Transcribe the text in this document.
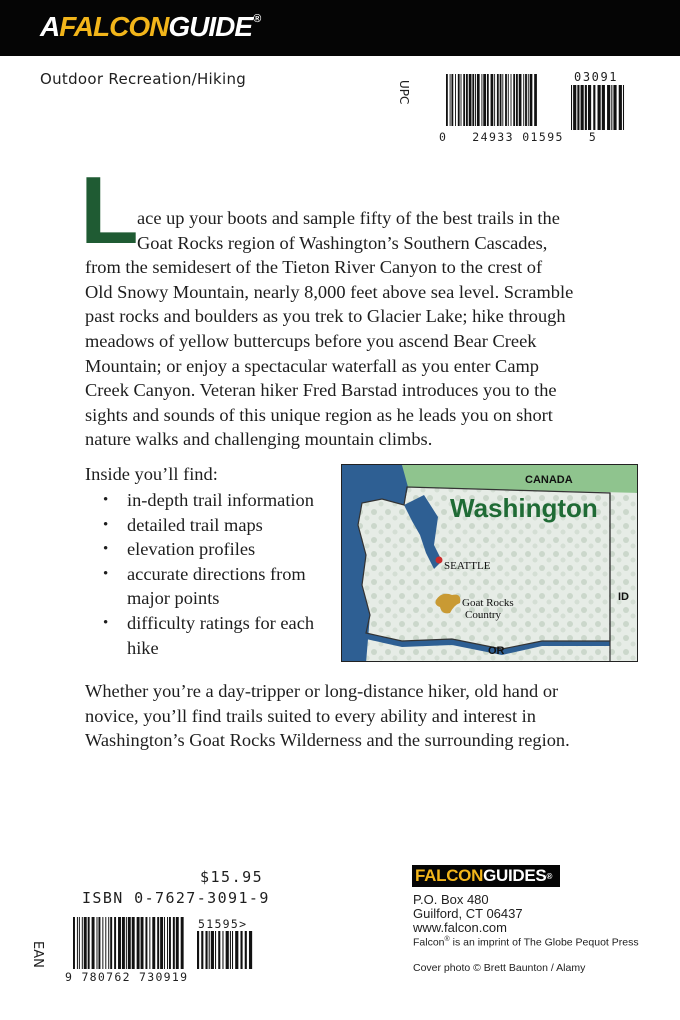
AFALCONGUIDE®
Outdoor Recreation/Hiking
UPC
0   24933 01595   5
03091
L
ace up your boots and sample fifty of the best trails in the
Goat Rocks region of Washington’s Southern Cascades,
from the semidesert of the Tieton River Canyon to the crest of
Old Snowy Mountain, nearly 8,000 feet above sea level. Scramble
past rocks and boulders as you trek to Glacier Lake; hike through
meadows of yellow buttercups before you ascend Bear Creek
Mountain; or enjoy a spectacular waterfall as you enter Camp
Creek Canyon. Veteran hiker Fred Barstad introduces you to the
sights and sounds of this unique region as he leads you on short
nature walks and challenging mountain climbs.
Inside you’ll find:
• in-depth trail information
• detailed trail maps
• elevation profiles
• accurate directions from major points
• difficulty ratings for each hike
CANADA
Washington
SEATTLE
Goat Rocks
Country
ID
OR
Whether you’re a day-tripper or long-distance hiker, old hand or
novice, you’ll find trails suited to every ability and interest in
Washington’s Goat Rocks Wilderness and the surrounding region.
$15.95
ISBN 0-7627-3091-9
EAN
9 780762 730919
51595>
FALCONGUIDES®
P.O. Box 480
Guilford, CT 06437
www.falcon.com
Falcon® is an imprint of The Globe Pequot Press
Cover photo © Brett Baunton / Alamy
